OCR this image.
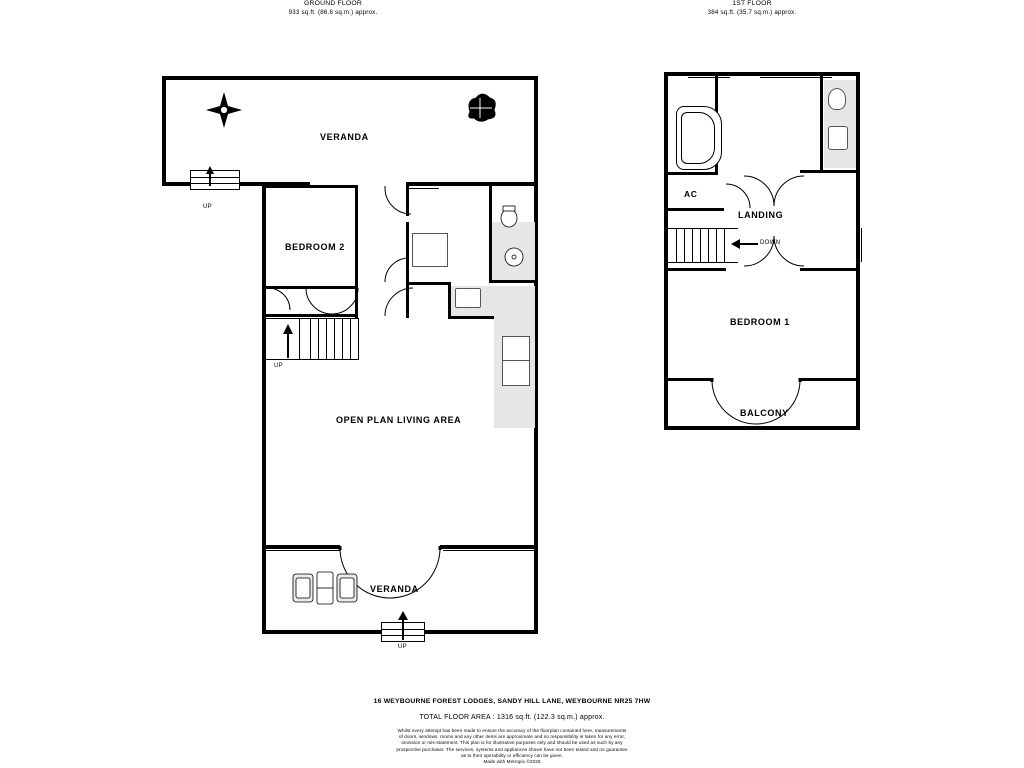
GROUND FLOOR
933 sq.ft. (86.6 sq.m.) approx.
1ST FLOOR
384 sq.ft. (35.7 sq.m.) approx.
VERANDA
BEDROOM 2
OPEN PLAN LIVING AREA
VERANDA
UP
UP
UP
AC
LANDING
BEDROOM 1
BALCONY
DOWN
16 WEYBOURNE FOREST LODGES, SANDY HILL LANE, WEYBOURNE NR25 7HW
TOTAL FLOOR AREA : 1316 sq.ft. (122.3 sq.m.) approx.
Whilst every attempt has been made to ensure the accuracy of the floorplan contained here, measurements
of doors, windows, rooms and any other items are approximate and no responsibility is taken for any error,
omission or mis-statement. This plan is for illustrative purposes only and should be used as such by any
prospective purchaser. The services, systems and appliances shown have not been tested and no guarantee
as to their operability or efficiency can be given.
Made with Metropix ©2025
